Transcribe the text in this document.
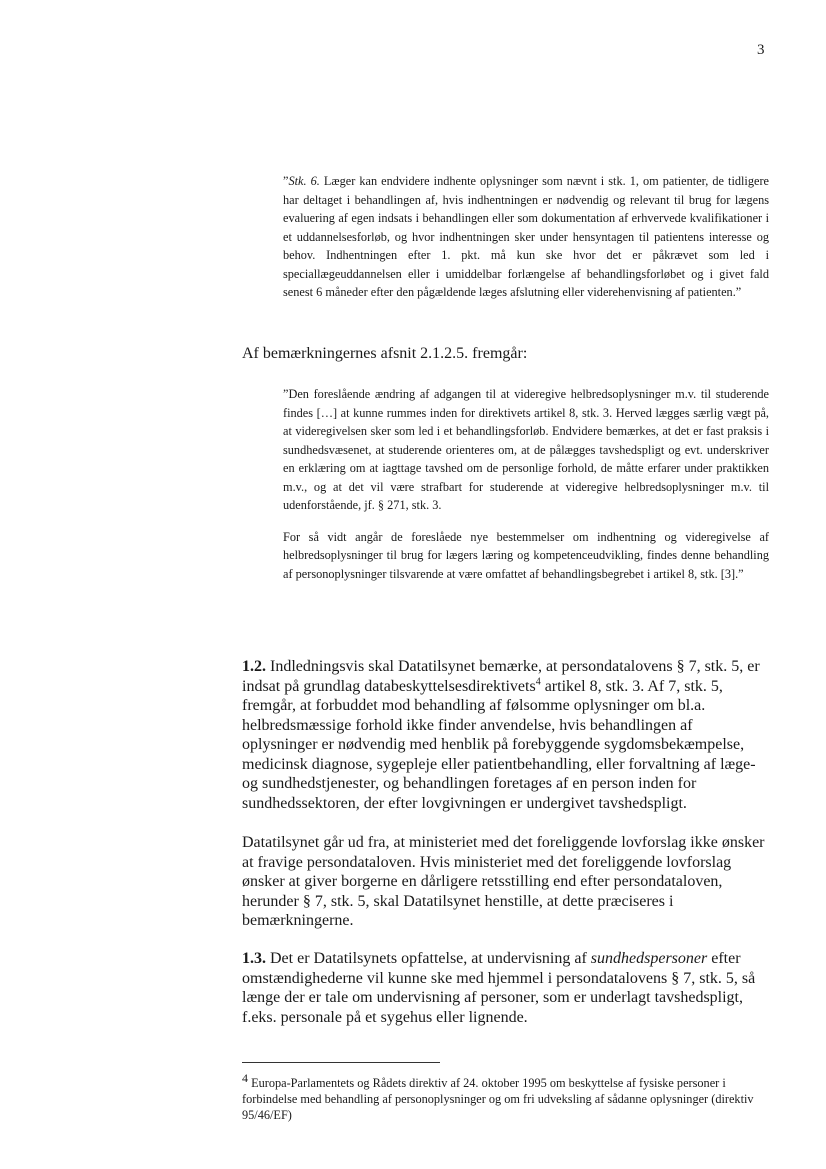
3

”Stk. 6. Læger kan endvidere indhente oplysninger som nævnt i stk. 1, om patienter, de tidligere har deltaget i behandlingen af, hvis indhentningen er nødvendig og relevant til brug for lægens evaluering af egen indsats i behandlingen eller som dokumentation af erhvervede kvalifikationer i et uddannelsesforløb, og hvor indhentningen sker under hensyntagen til patientens interesse og behov. Indhentningen efter 1. pkt. må kun ske hvor det er påkrævet som led i speciallægeuddannelsen eller i umiddelbar forlængelse af behandlingsforløbet og i givet fald senest 6 måneder efter den pågældende læges afslutning eller viderehenvisning af patienten.”

Af bemærkningernes afsnit 2.1.2.5. fremgår:

”Den foreslående ændring af adgangen til at videregive helbredsoplysninger m.v. til studerende findes […] at kunne rummes inden for direktivets artikel 8, stk. 3. Herved lægges særlig vægt på, at videregivelsen sker som led i et behandlingsforløb. Endvidere bemærkes, at det er fast praksis i sundhedsvæsenet, at studerende orienteres om, at de pålægges tavshedspligt og evt. underskriver en erklæring om at iagttage tavshed om de personlige forhold, de måtte erfarer under praktikken m.v., og at det vil være strafbart for studerende at videregive helbredsoplysninger m.v. til udenforstående, jf. § 271, stk. 3.

For så vidt angår de foreslåede nye bestemmelser om indhentning og videregivelse af helbredsoplysninger til brug for lægers læring og kompetenceudvikling, findes denne behandling af personoplysninger tilsvarende at være omfattet af behandlingsbegrebet i artikel 8, stk. [3].”

1.2. Indledningsvis skal Datatilsynet bemærke, at persondatalovens § 7, stk. 5, er indsat på grundlag databeskyttelsesdirektivets$^4$ artikel 8, stk. 3. Af 7, stk. 5, fremgår, at forbuddet mod behandling af følsomme oplysninger om bl.a. helbredsmæssige forhold ikke finder anvendelse, hvis behandlingen af oplysninger er nødvendig med henblik på forebyggende sygdomsbekæmpelse, medicinsk diagnose, sygepleje eller patientbehandling, eller forvaltning af læge- og sundhedstjenester, og behandlingen foretages af en person inden for sundhedssektoren, der efter lovgivningen er undergivet tavshedspligt.

Datatilsynet går ud fra, at ministeriet med det foreliggende lovforslag ikke ønsker at fravige persondataloven. Hvis ministeriet med det foreliggende lovforslag ønsker at giver borgerne en dårligere retsstilling end efter persondataloven, herunder § 7, stk. 5, skal Datatilsynet henstille, at dette præciseres i bemærkningerne.

1.3. Det er Datatilsynets opfattelse, at undervisning af sundhedspersoner efter omstændighederne vil kunne ske med hjemmel i persondatalovens § 7, stk. 5, så længe der er tale om undervisning af personer, som er underlagt tavshedspligt, f.eks. personale på et sygehus eller lignende.

4 Europa-Parlamentets og Rådets direktiv af 24. oktober 1995 om beskyttelse af fysiske personer i forbindelse med behandling af personoplysninger og om fri udveksling af sådanne oplysninger (direktiv 95/46/EF)
